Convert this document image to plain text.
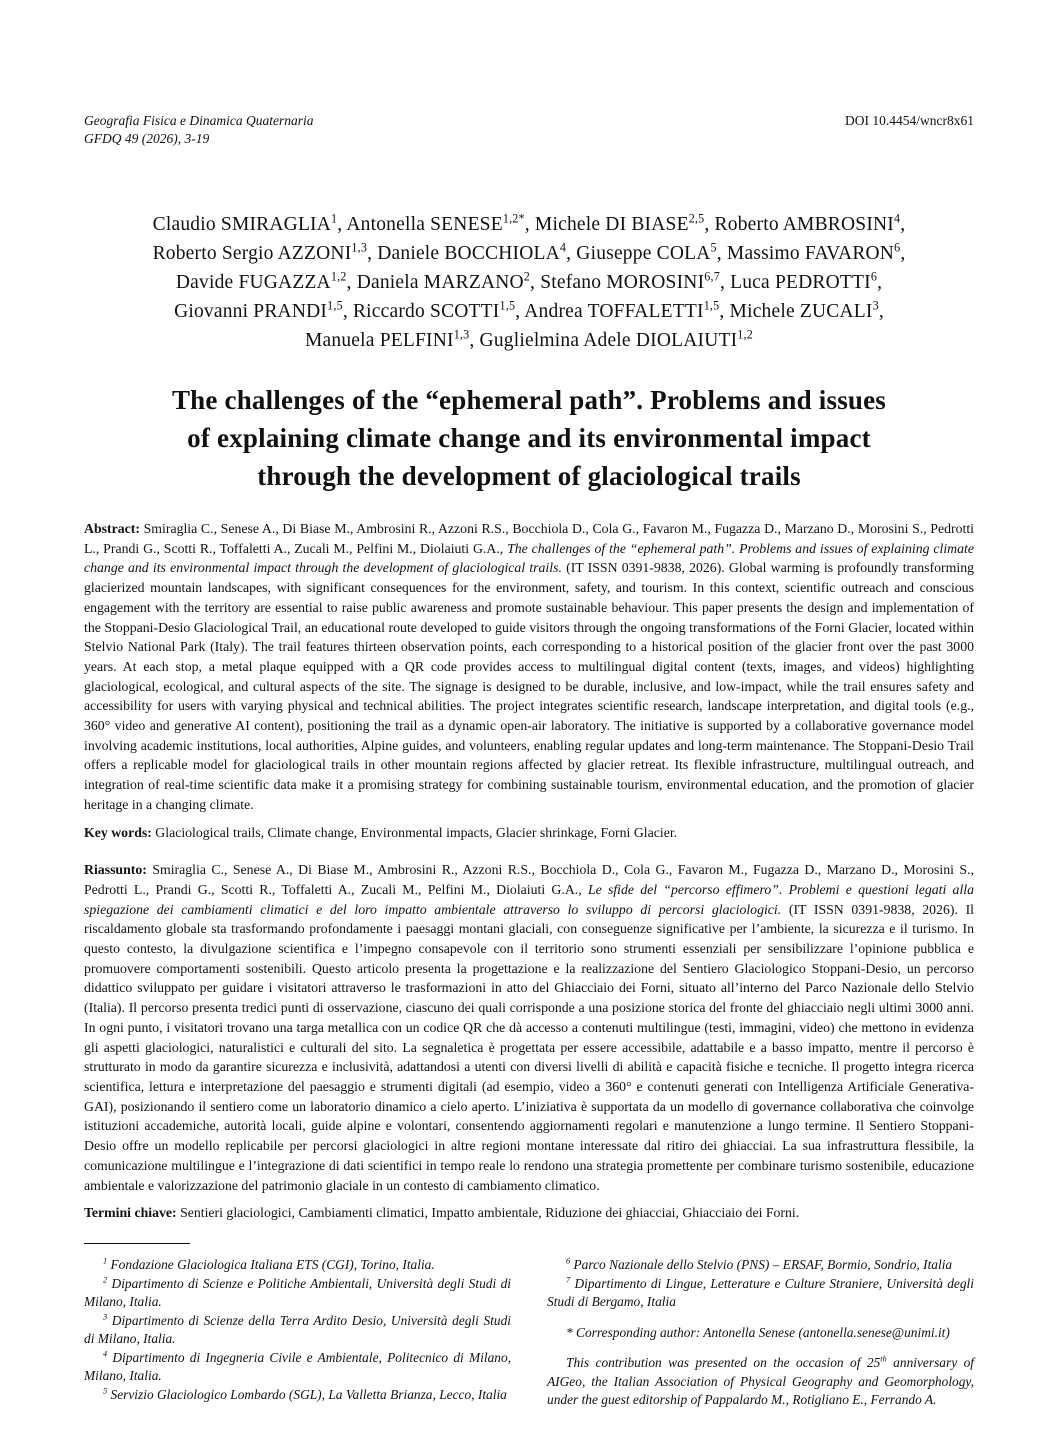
Geografia Fisica e Dinamica Quaternaria
GFDQ 49 (2026), 3-19
DOI 10.4454/wncr8x61
Claudio SMIRAGLIA$^1$, Antonella $SENESE^{1,2*}$, Michele DI BIASE$^{2,5}$, Roberto AMBROSINI$^4$,
Roberto Sergio AZZONI$^{1,3}$, Daniele BOCCHIOLA$^4$, Giuseppe COLA$^5$, Massimo FAVARON$^6$,
Davide FUGAZZA$^{1,2}$, Daniela MARZANO$^2$, Stefano MOROSINI$^{6,7}$, Luca PEDROTTI$^6$,
Giovanni PRANDI$^{1,5}$, Riccardo SCOTTI$^{1,5}$, Andrea TOFFALETTI$^{1,5}$, Michele ZUCALI$^3$,
Manuela PELFINI$^{1,3}$, Guglielmina Adele DIOLAIUTI$^{1,2}$
The challenges of the “ephemeral path”. Problems and issues
of explaining climate change and its environmental impact
through the development of glaciological trails

Abstract: Smiraglia C., Senese A., Di Biase M., Ambrosini R., Azzoni R.S., Bocchiola D., Cola G., Favaron M., Fugazza D., Marzano D., Morosini S., Pedrotti L., Prandi G., Scotti R., Toffaletti A., Zucali M., Pelfini M., Diolaiuti G.A., The challenges of the “ephemeral path”. Problems and issues of explaining climate change and its environmental impact through the development of glaciological trails. (IT ISSN 0391-9838, 2026). Global warming is profoundly transforming glacierized mountain landscapes, with significant consequences for the environment, safety, and tourism. In this context, scientific outreach and conscious engagement with the territory are essential to raise public awareness and promote sustainable behaviour. This paper presents the design and implementation of the Stoppani-Desio Glaciological Trail, an educational route developed to guide visitors through the ongoing transformations of the Forni Glacier, located within Stelvio National Park (Italy). The trail features thirteen observation points, each corresponding to a historical position of the glacier front over the past 3000 years. At each stop, a metal plaque equipped with a QR code provides access to multilingual digital content (texts, images, and videos) highlighting glaciological, ecological, and cultural aspects of the site. The signage is designed to be durable, inclusive, and low-impact, while the trail ensures safety and accessibility for users with varying physical and technical abilities. The project integrates scientific research, landscape interpretation, and digital tools (e.g., 360° video and generative AI content), positioning the trail as a dynamic open-air laboratory. The initiative is supported by a collaborative governance model involving academic institutions, local authorities, Alpine guides, and volunteers, enabling regular updates and long-term maintenance. The Stoppani-Desio Trail offers a replicable model for glaciological trails in other mountain regions affected by glacier retreat. Its flexible infrastructure, multilingual outreach, and integration of real-time scientific data make it a promising strategy for combining sustainable tourism, environmental education, and the promotion of glacier heritage in a changing climate.

Key words: Glaciological trails, Climate change, Environmental impacts, Glacier shrinkage, Forni Glacier.

Riassunto: Smiraglia C., Senese A., Di Biase M., Ambrosini R., Azzoni R.S., Bocchiola D., Cola G., Favaron M., Fugazza D., Marzano D., Morosini S., Pedrotti L., Prandi G., Scotti R., Toffaletti A., Zucali M., Pelfini M., Diolaiuti G.A., Le sfide del “percorso effimero”. Problemi e questioni legati alla spiegazione dei cambiamenti climatici e del loro impatto ambientale attraverso lo sviluppo di percorsi glaciologici. (IT ISSN 0391-9838, 2026). Il riscaldamento globale sta trasformando profondamente i paesaggi montani glaciali, con conseguenze significative per l’ambiente, la sicurezza e il turismo. In questo contesto, la divulgazione scientifica e l’impegno consapevole con il territorio sono strumenti essenziali per sensibilizzare l’opinione pubblica e promuovere comportamenti sostenibili. Questo articolo presenta la progettazione e la realizzazione del Sentiero Glaciologico Stoppani-Desio, un percorso didattico sviluppato per guidare i visitatori attraverso le trasformazioni in atto del Ghiacciaio dei Forni, situato all’interno del Parco Nazionale dello Stelvio (Italia). Il percorso presenta tredici punti di osservazione, ciascuno dei quali corrisponde a una posizione storica del fronte del ghiacciaio negli ultimi 3000 anni. In ogni punto, i visitatori trovano una targa metallica con un codice QR che dà accesso a contenuti multilingue (testi, immagini, video) che mettono in evidenza gli aspetti glaciologici, naturalistici e culturali del sito. La segnaletica è progettata per essere accessibile, adattabile e a basso impatto, mentre il percorso è strutturato in modo da garantire sicurezza e inclusività, adattandosi a utenti con diversi livelli di abilità e capacità fisiche e tecniche. Il progetto integra ricerca scientifica, lettura e interpretazione del paesaggio e strumenti digitali (ad esempio, video a 360° e contenuti generati con Intelligenza Artificiale Generativa-GAI), posizionando il sentiero come un laboratorio dinamico a cielo aperto. L’iniziativa è supportata da un modello di governance collaborativa che coinvolge istituzioni accademiche, autorità locali, guide alpine e volontari, consentendo aggiornamenti regolari e manutenzione a lungo termine. Il Sentiero Stoppani-Desio offre un modello replicabile per percorsi glaciologici in altre regioni montane interessate dal ritiro dei ghiacciai. La sua infrastruttura flessibile, la comunicazione multilingue e l’integrazione di dati scientifici in tempo reale lo rendono una strategia promettente per combinare turismo sostenibile, educazione ambientale e valorizzazione del patrimonio glaciale in un contesto di cambiamento climatico.

Termini chiave: Sentieri glaciologici, Cambiamenti climatici, Impatto ambientale, Riduzione dei ghiacciai, Ghiacciaio dei Forni.

$^1$ Fondazione Glaciologica Italiana ETS (CGI), Torino, Italia.

$^2$ Dipartimento di Scienze e Politiche Ambientali, Università degli Studi di Milano, Italia.

$^3$ Dipartimento di Scienze della Terra Ardito Desio, Università degli Studi di Milano, Italia.

$^4$ Dipartimento di Ingegneria Civile e Ambientale, Politecnico di Milano, Milano, Italia.

$^5$ Servizio Glaciologico Lombardo (SGL), La Valletta Brianza, Lecco, Italia

$^6$ Parco Nazionale dello Stelvio (PNS) – ERSAF, Bormio, Sondrio, Italia

$^7$ Dipartimento di Lingue, Letterature e Culture Straniere, Università degli Studi di Bergamo, Italia

* Corresponding author: Antonella Senese (antonella.senese@unimi.it)

This contribution was presented on the occasion of 25th anniversary of AIGeo, the Italian Association of Physical Geography and Geomorphology, under the guest editorship of Pappalardo M., Rotigliano E., Ferrando A.
